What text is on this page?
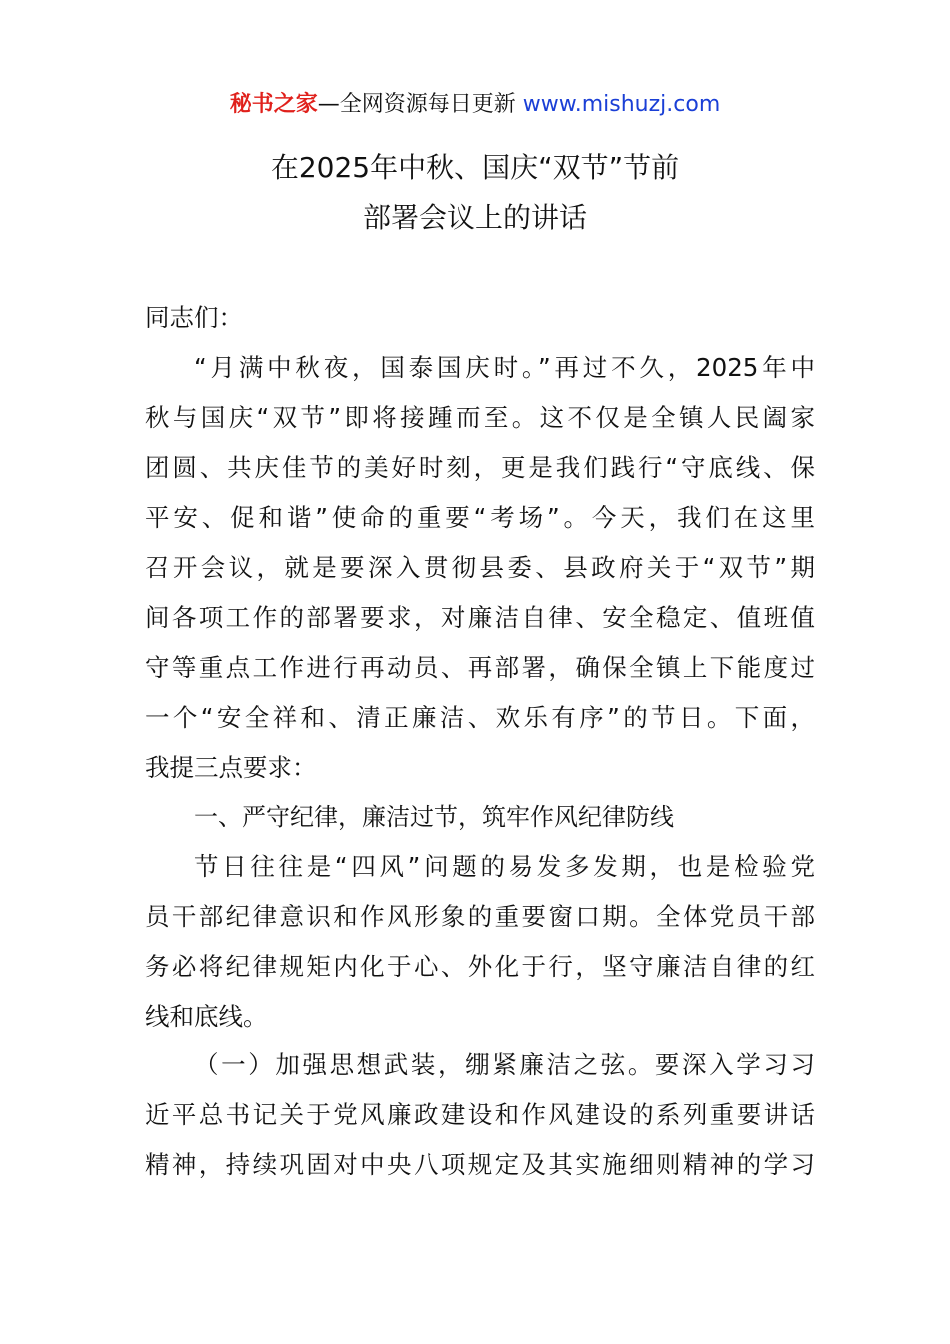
秘书之家—全网资源每日更新 www.mishuzj.com
在2025年中秋、国庆“双节”节前
部署会议上的讲话
同志们：
“月满中秋夜，国泰国庆时。”再过不久，2025年中
秋与国庆“双节”即将接踵而至。这不仅是全镇人民阖家
团圆、共庆佳节的美好时刻，更是我们践行“守底线、保
平安、促和谐”使命的重要“考场”。今天，我们在这里
召开会议，就是要深入贯彻县委、县政府关于“双节”期
间各项工作的部署要求，对廉洁自律、安全稳定、值班值
守等重点工作进行再动员、再部署，确保全镇上下能度过
一个“安全祥和、清正廉洁、欢乐有序”的节日。下面，
我提三点要求：
一、严守纪律，廉洁过节，筑牢作风纪律防线
节日往往是“四风”问题的易发多发期，也是检验党
员干部纪律意识和作风形象的重要窗口期。全体党员干部
务必将纪律规矩内化于心、外化于行，坚守廉洁自律的红
线和底线。
（一）加强思想武装，绷紧廉洁之弦。要深入学习习
近平总书记关于党风廉政建设和作风建设的系列重要讲话
精神，持续巩固对中央八项规定及其实施细则精神的学习
